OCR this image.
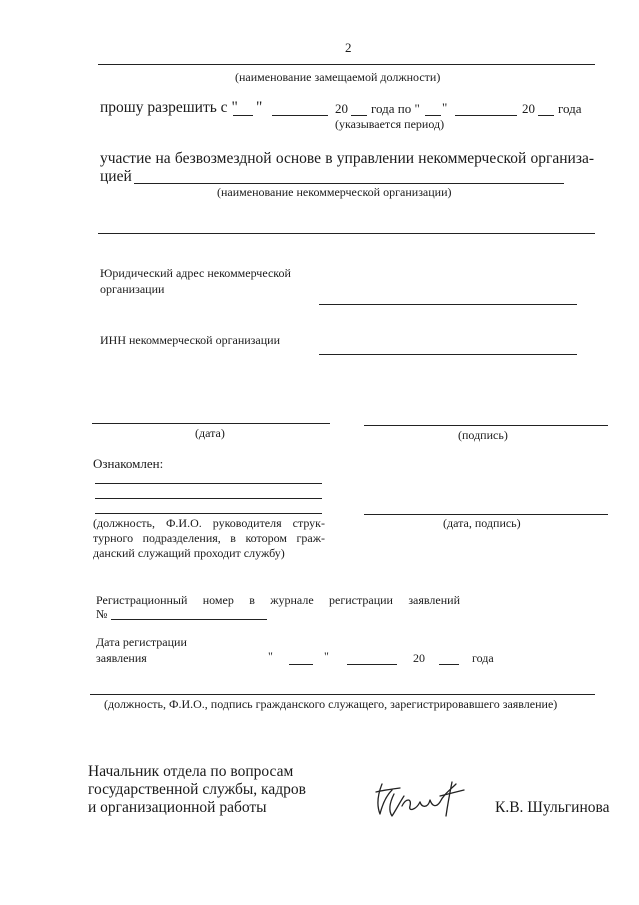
2
(наименование замещаемой должности)
прошу разрешить с " "	20 года по " "	20 года
(указывается период)
участие на безвозмездной основе в управлении некоммерческой организа-
цией
(наименование некоммерческой организации)
Юридический адрес некоммерческой
организации
ИНН некоммерческой организации
(дата)	(подпись)
Ознакомлен:
(должность, Ф.И.О. руководителя струк-
турного подразделения, в котором граж-
данский служащий проходит службу)
(дата, подпись)
Регистрационный номер в журнале регистрации заявлений
№
Дата регистрации
заявления	"	"	20	года
(должность, Ф.И.О., подпись гражданского служащего, зарегистрировавшего заявление)
Начальник отдела по вопросам
государственной службы, кадров
и организационной работы	К.В. Шульгинова
